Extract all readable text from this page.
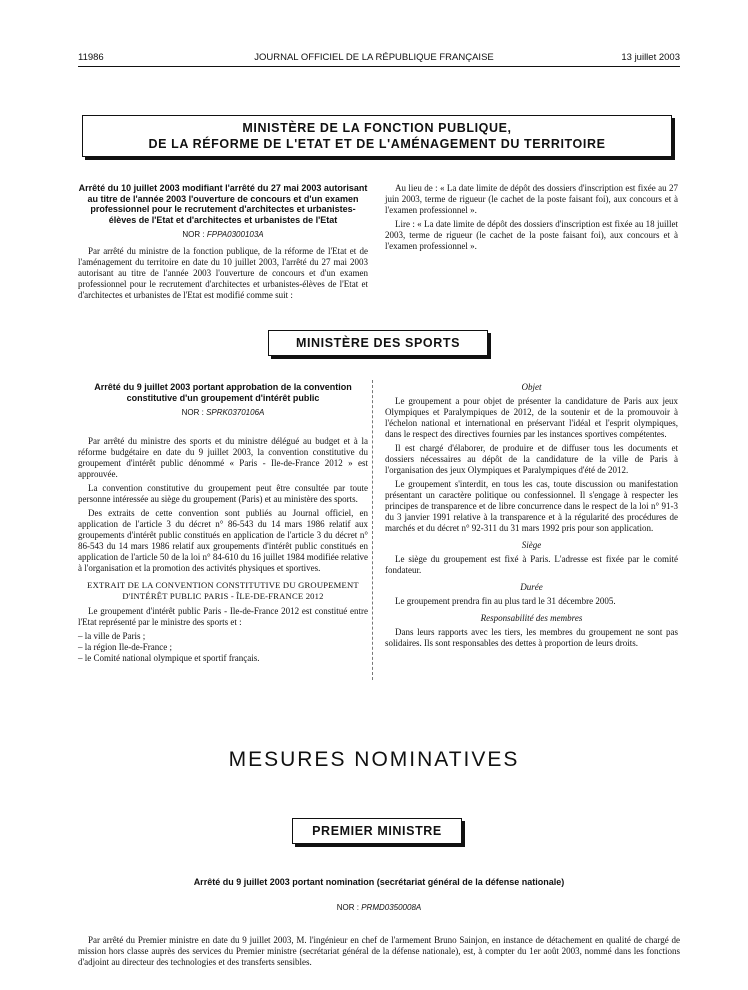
11986	JOURNAL OFFICIEL DE LA RÉPUBLIQUE FRANÇAISE	13 juillet 2003
MINISTÈRE DE LA FONCTION PUBLIQUE,
DE LA RÉFORME DE L'ETAT ET DE L'AMÉNAGEMENT DU TERRITOIRE
Arrêté du 10 juillet 2003 modifiant l'arrêté du 27 mai 2003 autorisant au titre de l'année 2003 l'ouverture de concours et d'un examen professionnel pour le recrutement d'architectes et urbanistes-élèves de l'Etat et d'architectes et urbanistes de l'Etat
NOR : FPPA0300103A

Par arrêté du ministre de la fonction publique, de la réforme de l'Etat et de l'aménagement du territoire en date du 10 juillet 2003, l'arrêté du 27 mai 2003 autorisant au titre de l'année 2003 l'ouverture de concours et d'un examen professionnel pour le recrutement d'architectes et urbanistes-élèves de l'Etat et d'architectes et urbanistes de l'Etat est modifié comme suit :

Au lieu de : « La date limite de dépôt des dossiers d'inscription est fixée au 27 juin 2003, terme de rigueur (le cachet de la poste faisant foi), aux concours et à l'examen professionnel ».

Lire : « La date limite de dépôt des dossiers d'inscription est fixée au 18 juillet 2003, terme de rigueur (le cachet de la poste faisant foi), aux concours et à l'examen professionnel ».

MINISTÈRE DES SPORTS
Arrêté du 9 juillet 2003 portant approbation de la convention constitutive d'un groupement d'intérêt public
NOR : SPRK0370106A

Par arrêté du ministre des sports et du ministre délégué au budget et à la réforme budgétaire en date du 9 juillet 2003, la convention constitutive du groupement d'intérêt public dénommé « Paris - Ile-de-France 2012 » est approuvée.

La convention constitutive du groupement peut être consultée par toute personne intéressée au siège du groupement (Paris) et au ministère des sports.

Des extraits de cette convention sont publiés au Journal officiel, en application de l'article 3 du décret n° 86-543 du 14 mars 1986 relatif aux groupements d'intérêt public constitués en application de l'article 3 du décret n° 86-543 du 14 mars 1986 relatif aux groupements d'intérêt public constitués en application de l'article 50 de la loi n° 84-610 du 16 juillet 1984 modifiée relative à l'organisation et la promotion des activités physiques et sportives.

EXTRAIT DE LA CONVENTION CONSTITUTIVE DU GROUPEMENT D'INTÉRÊT PUBLIC PARIS - ÎLE-DE-FRANCE 2012

Le groupement d'intérêt public Paris - Ile-de-France 2012 est constitué entre l'Etat représenté par le ministre des sports et :

– la ville de Paris ;
– la région Ile-de-France ;
– le Comité national olympique et sportif français.
Objet

Le groupement a pour objet de présenter la candidature de Paris aux jeux Olympiques et Paralympiques de 2012, de la soutenir et de la promouvoir à l'échelon national et international en préservant l'idéal et l'esprit olympiques, dans le respect des directives fournies par les instances sportives compétentes.

Il est chargé d'élaborer, de produire et de diffuser tous les documents et dossiers nécessaires au dépôt de la candidature de la ville de Paris à l'organisation des jeux Olympiques et Paralympiques d'été de 2012.

Le groupement s'interdit, en tous les cas, toute discussion ou manifestation présentant un caractère politique ou confessionnel. Il s'engage à respecter les principes de transparence et de libre concurrence dans le respect de la loi n° 91-3 du 3 janvier 1991 relative à la transparence et à la régularité des procédures de marchés et du décret n° 92-311 du 31 mars 1992 pris pour son application.

Siège

Le siège du groupement est fixé à Paris. L'adresse est fixée par le comité fondateur.

Durée

Le groupement prendra fin au plus tard le 31 décembre 2005.

Responsabilité des membres

Dans leurs rapports avec les tiers, les membres du groupement ne sont pas solidaires. Ils sont responsables des dettes à proportion de leurs droits.

MESURES NOMINATIVES
PREMIER MINISTRE
Arrêté du 9 juillet 2003 portant nomination (secrétariat général de la défense nationale)
NOR : PRMD0350008A

Par arrêté du Premier ministre en date du 9 juillet 2003, M. l'ingénieur en chef de l'armement Bruno Sainjon, en instance de détachement en qualité de chargé de mission hors classe auprès des services du Premier ministre (secrétariat général de la défense nationale), est, à compter du 1er août 2003, nommé dans les fonctions d'adjoint au directeur des technologies et des transferts sensibles.
